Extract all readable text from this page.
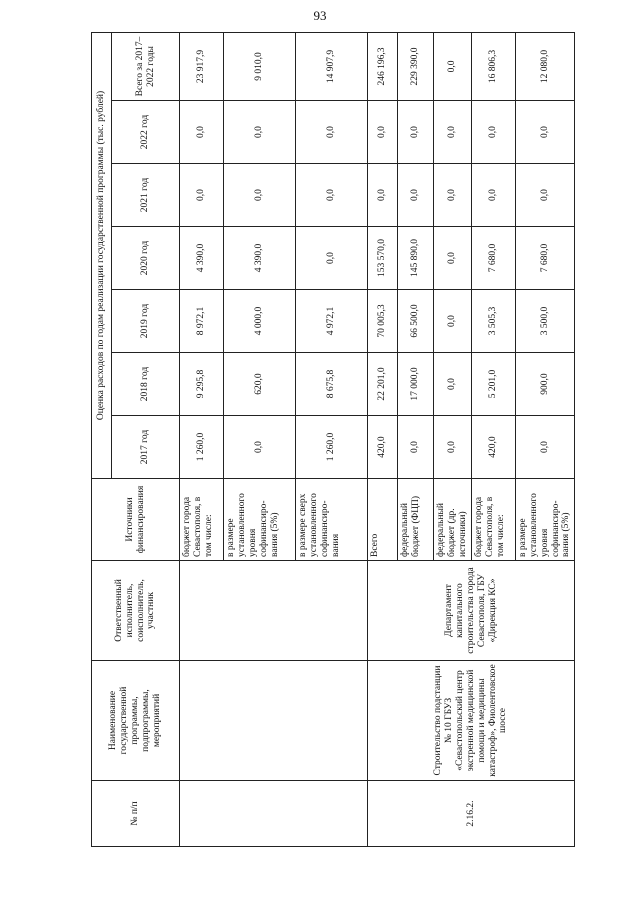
93
№ п/п	Наименование государственной программы, подпрограммы, мероприятий	Ответственный исполнитель, соисполнитель, участник	Источники финансирования	Оценка расходов по годам реализации государственной программы (тыс. рублей)						
				2017 год	2018 год	2019 год	2020 год	2021 год	2022 год	Всего за 2017–2022 годы
			бюджет города Севастополя, в том числе:	1 260,0	9 295,8	8 972,1	4 390,0	0,0	0,0	23 917,9
			в размере установленного уровня софинансиро-вания (5%)	0,0	620,0	4 000,0	4 390,0	0,0	0,0	9 010,0
			в размере сверх установленного софинансиро-вания	1 260,0	8 675,8	4 972,1	0,0	0,0	0,0	14 907,9
2.16.2.	Строительство подстанции № 10 ГБУЗ «Севастопольский центр экстренной медицинской помощи и медицины катастроф», Фиолентовское шоссе	Департамент капитального строительства города Севастополя, ГБУ «Дирекция КС»	Всего	420,0	22 201,0	70 005,3	153 570,0	0,0	0,0	246 196,3
			федеральный бюджет (ФЦП)	0,0	17 000,0	66 500,0	145 890,0	0,0	0,0	229 390,0
			федеральный бюджет (др. источники)	0,0	0,0	0,0	0,0	0,0	0,0	0,0
			бюджет города Севастополя, в том числе:	420,0	5 201,0	3 505,3	7 680,0	0,0	0,0	16 806,3
			в размере установленного уровня софинансиро-вания (5%)	0,0	900,0	3 500,0	7 680,0	0,0	0,0	12 080,0
